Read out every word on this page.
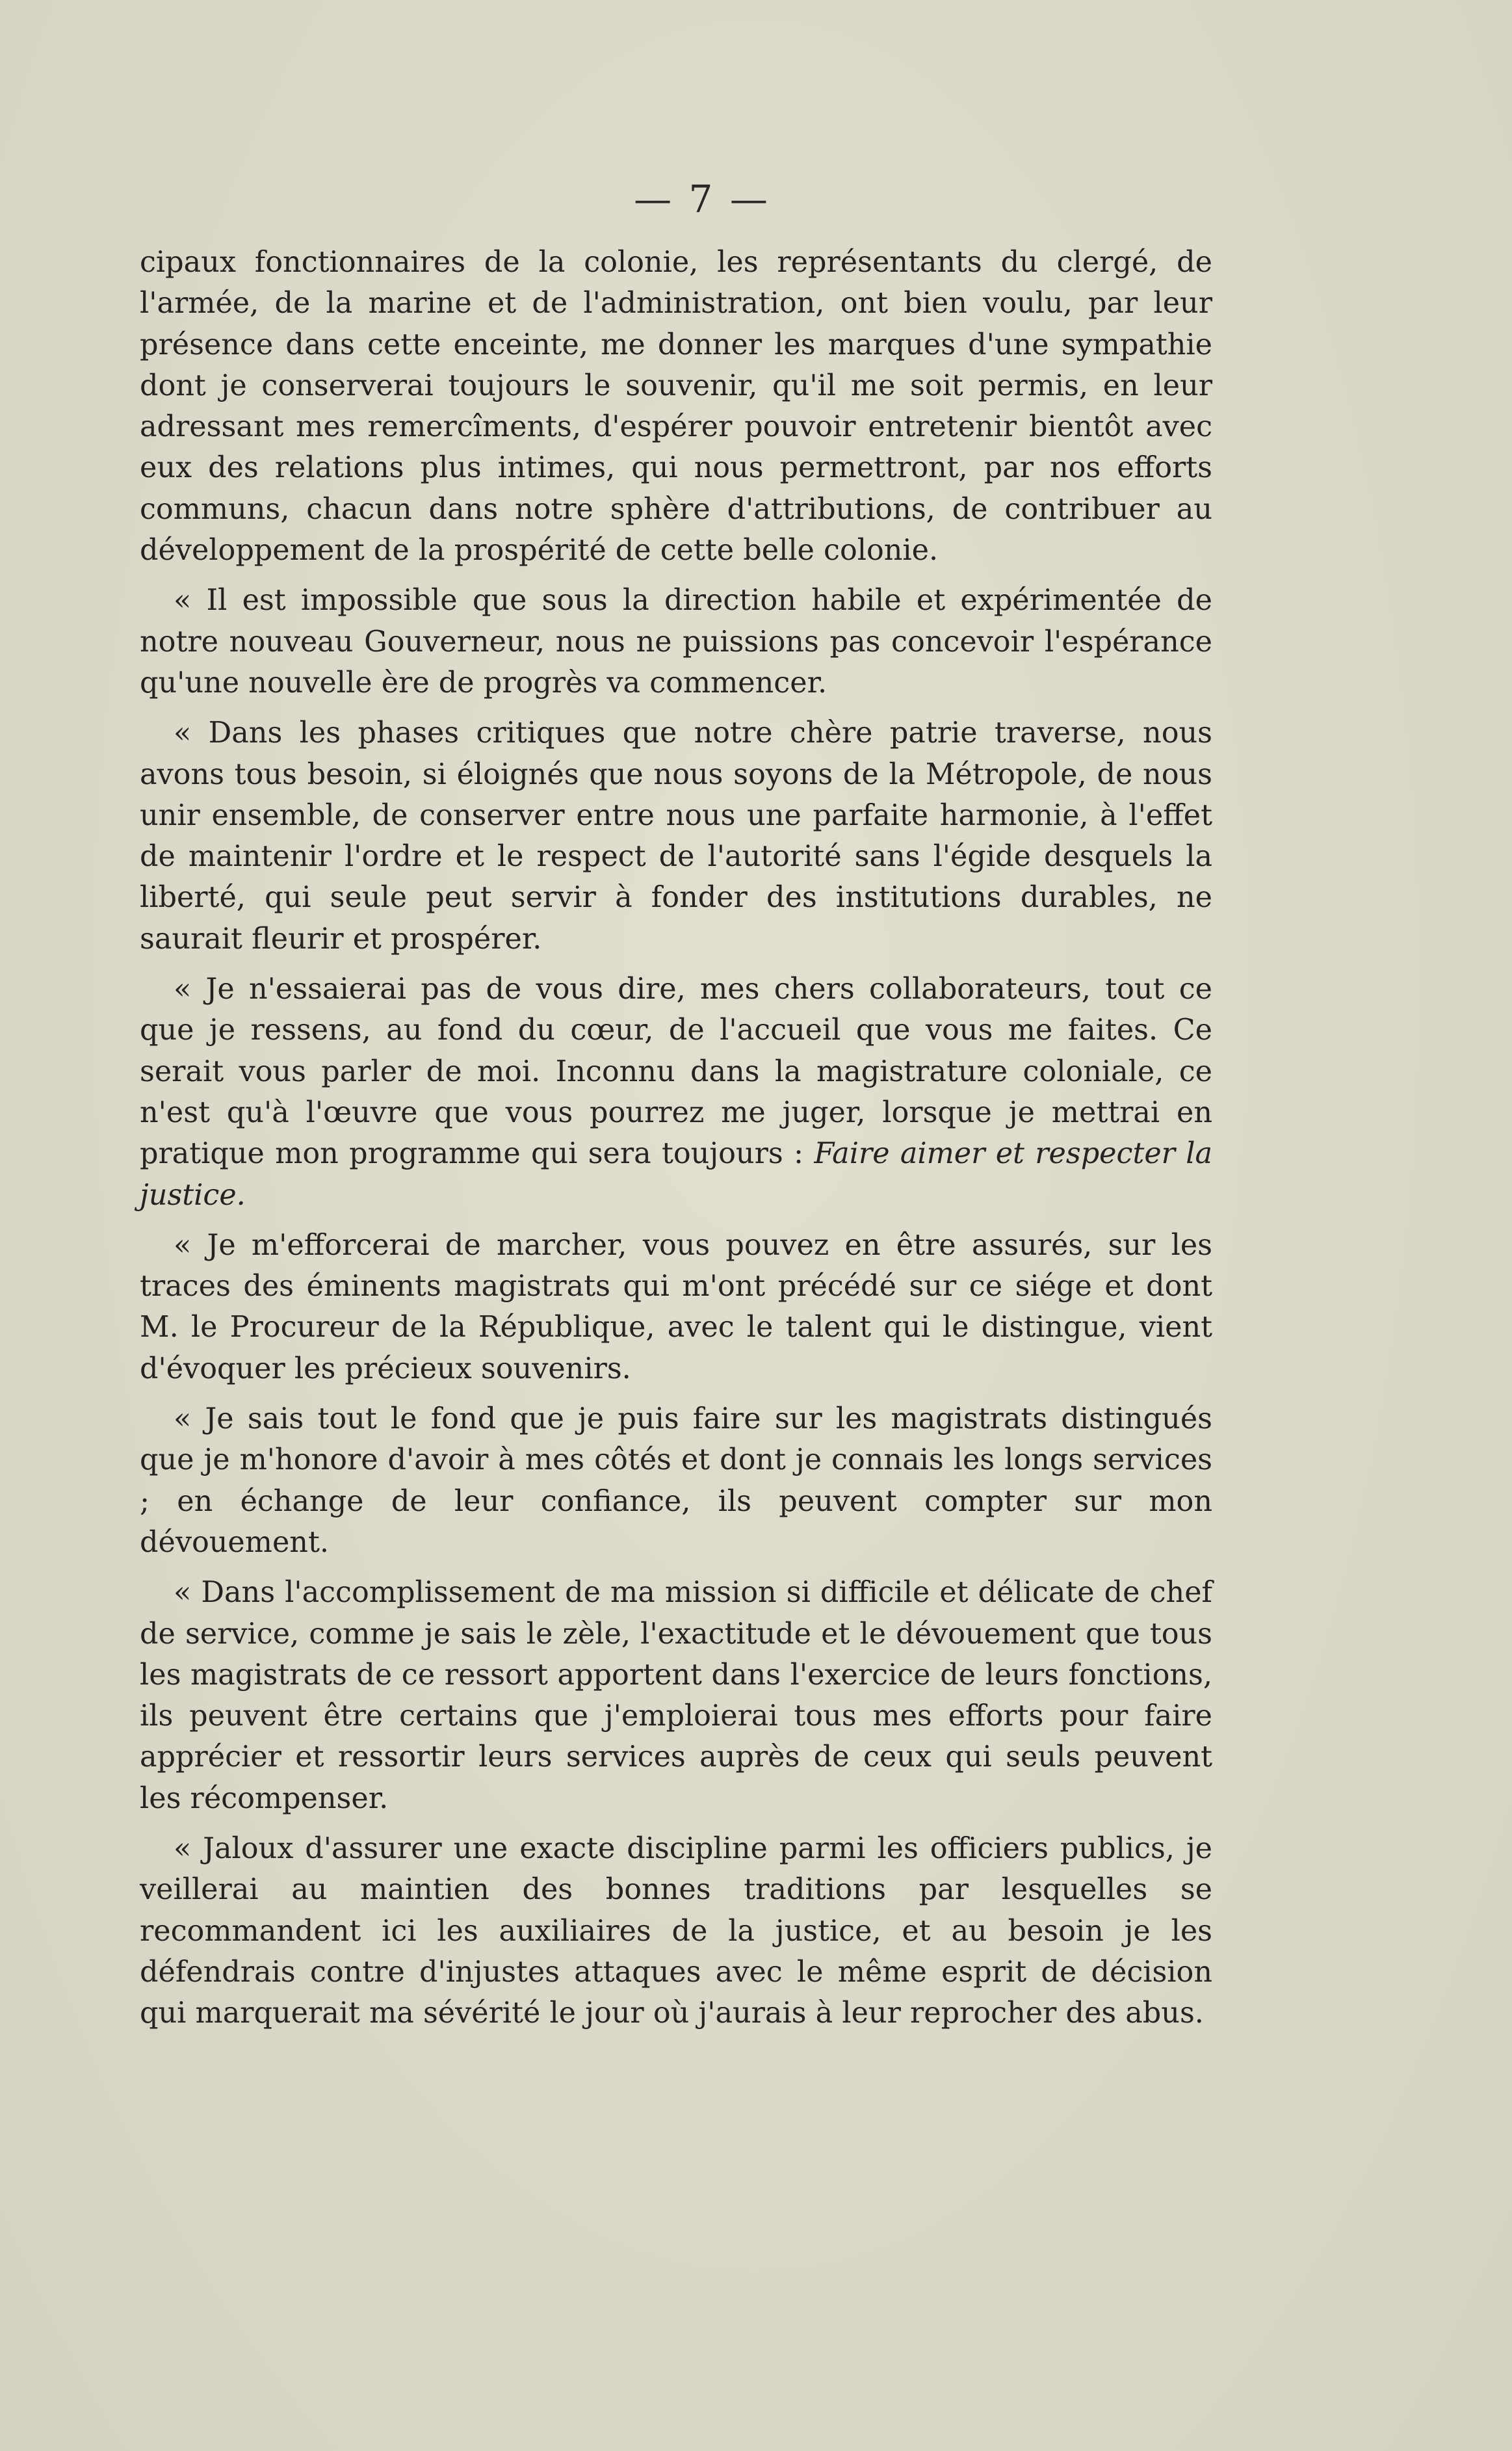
— 7 —

cipaux fonctionnaires de la colonie, les représentants du clergé, de l'armée, de la marine et de l'administration, ont bien voulu, par leur présence dans cette enceinte, me donner les marques d'une sympathie dont je conserverai toujours le souvenir, qu'il me soit permis, en leur adressant mes remercîments, d'espérer pouvoir entretenir bientôt avec eux des relations plus intimes, qui nous permettront, par nos efforts communs, chacun dans notre sphère d'attributions, de contribuer au développement de la prospérité de cette belle colonie.

« Il est impossible que sous la direction habile et expérimentée de notre nouveau Gouverneur, nous ne puissions pas concevoir l'espérance qu'une nouvelle ère de progrès va commencer.

« Dans les phases critiques que notre chère patrie traverse, nous avons tous besoin, si éloignés que nous soyons de la Métropole, de nous unir ensemble, de conserver entre nous une parfaite harmonie, à l'effet de maintenir l'ordre et le respect de l'autorité sans l'égide desquels la liberté, qui seule peut servir à fonder des institutions durables, ne saurait fleurir et prospérer.

« Je n'essaierai pas de vous dire, mes chers collaborateurs, tout ce que je ressens, au fond du cœur, de l'accueil que vous me faites. Ce serait vous parler de moi. Inconnu dans la magistrature coloniale, ce n'est qu'à l'œuvre que vous pourrez me juger, lorsque je mettrai en pratique mon programme qui sera toujours : Faire aimer et respecter la justice.

« Je m'efforcerai de marcher, vous pouvez en être assurés, sur les traces des éminents magistrats qui m'ont précédé sur ce siége et dont M. le Procureur de la République, avec le talent qui le distingue, vient d'évoquer les précieux souvenirs.

« Je sais tout le fond que je puis faire sur les magistrats distingués que je m'honore d'avoir à mes côtés et dont je connais les longs services ; en échange de leur confiance, ils peuvent compter sur mon dévouement.

« Dans l'accomplissement de ma mission si difficile et délicate de chef de service, comme je sais le zèle, l'exactitude et le dévouement que tous les magistrats de ce ressort apportent dans l'exercice de leurs fonctions, ils peuvent être certains que j'emploierai tous mes efforts pour faire apprécier et ressortir leurs services auprès de ceux qui seuls peuvent les récompenser.

« Jaloux d'assurer une exacte discipline parmi les officiers publics, je veillerai au maintien des bonnes traditions par lesquelles se recommandent ici les auxiliaires de la justice, et au besoin je les défendrais contre d'injustes attaques avec le même esprit de décision qui marquerait ma sévérité le jour où j'aurais à leur reprocher des abus.
